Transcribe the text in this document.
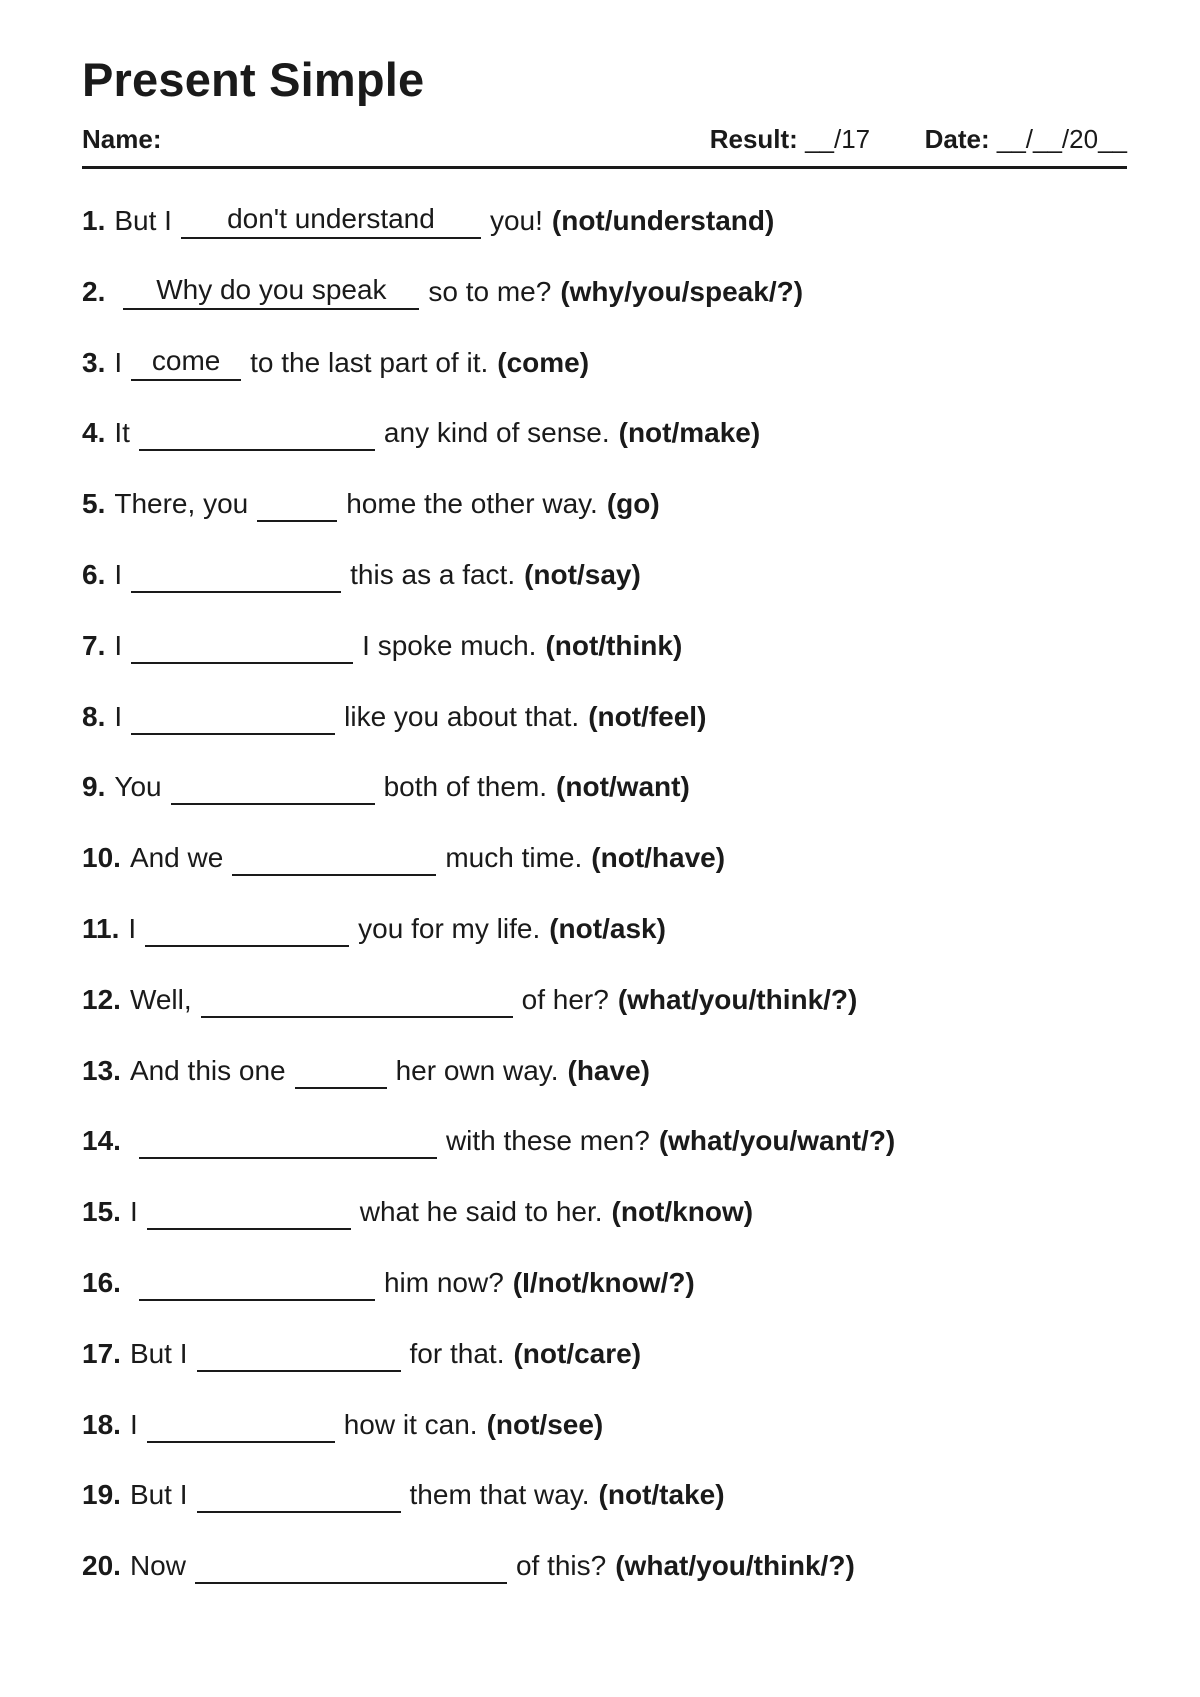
Present Simple
Name:	Result: __/17 Date: __/__/20__
1. But I	don't understand	you! (not/understand)
2.	Why do you speak	so to me? (why/you/speak/?)
3. I	come	to the last part of it. (come)
4. It	any kind of sense. (not/make)
5. There, you	home the other way. (go)
6. I	this as a fact. (not/say)
7. I	I spoke much. (not/think)
8. I	like you about that. (not/feel)
9. You	both of them. (not/want)
10. And we	much time. (not/have)
11. I	you for my life. (not/ask)
12. Well,	of her? (what/you/think/?)
13. And this one	her own way. (have)
14.	with these men? (what/you/want/?)
15. I	what he said to her. (not/know)
16.	him now? (I/not/know/?)
17. But I	for that. (not/care)
18. I	how it can. (not/see)
19. But I	them that way. (not/take)
20. Now	of this? (what/you/think/?)
